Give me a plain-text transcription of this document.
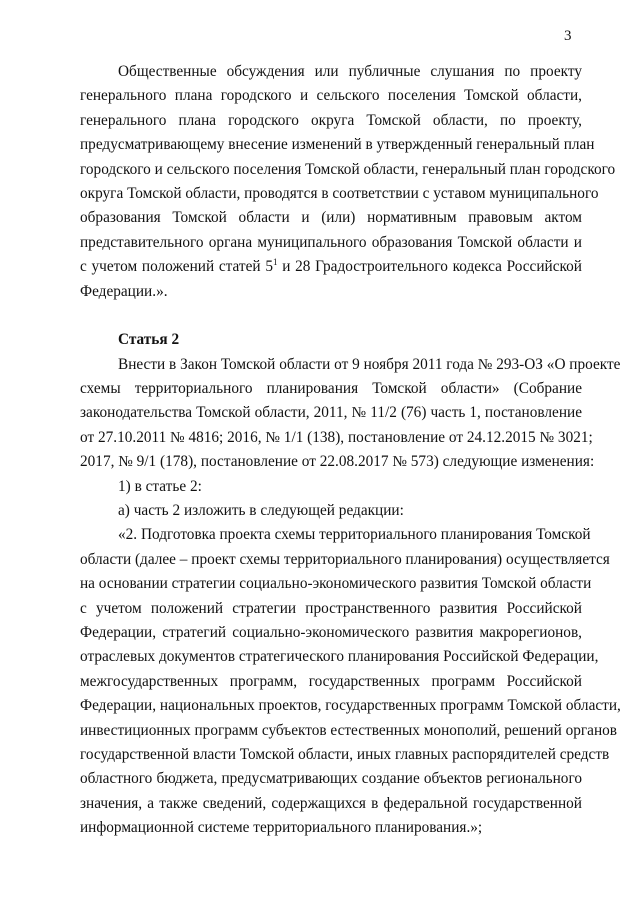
3
Общественные обсуждения или публичные слушания по проекту
генерального плана городского и сельского поселения Томской области,
генерального плана городского округа Томской области, по проекту,
предусматривающему внесение изменений в утвержденный генеральный план
городского и сельского поселения Томской области, генеральный план городского
округа Томской области, проводятся в соответствии с уставом муниципального
образования Томской области и (или) нормативным правовым актом
представительного органа муниципального образования Томской области и
с учетом положений статей $5^1$ и 28 Градостроительного кодекса Российской
Федерации.».
Статья 2
Внести в Закон Томской области от 9 ноября 2011 года № 293-ОЗ «О проекте
схемы территориального планирования Томской области» (Собрание
законодательства Томской области, 2011, № 11/2 (76) часть 1, постановление
от 27.10.2011 № 4816; 2016, № 1/1 (138), постановление от 24.12.2015 № 3021;
2017, № 9/1 (178), постановление от 22.08.2017 № 573) следующие изменения:
1) в статье 2:
а) часть 2 изложить в следующей редакции:
«2. Подготовка проекта схемы территориального планирования Томской
области (далее – проект схемы территориального планирования) осуществляется
на основании стратегии социально-экономического развития Томской области
с учетом положений стратегии пространственного развития Российской
Федерации, стратегий социально-экономического развития макрорегионов,
отраслевых документов стратегического планирования Российской Федерации,
межгосударственных программ, государственных программ Российской
Федерации, национальных проектов, государственных программ Томской области,
инвестиционных программ субъектов естественных монополий, решений органов
государственной власти Томской области, иных главных распорядителей средств
областного бюджета, предусматривающих создание объектов регионального
значения, а также сведений, содержащихся в федеральной государственной
информационной системе территориального планирования.»;
